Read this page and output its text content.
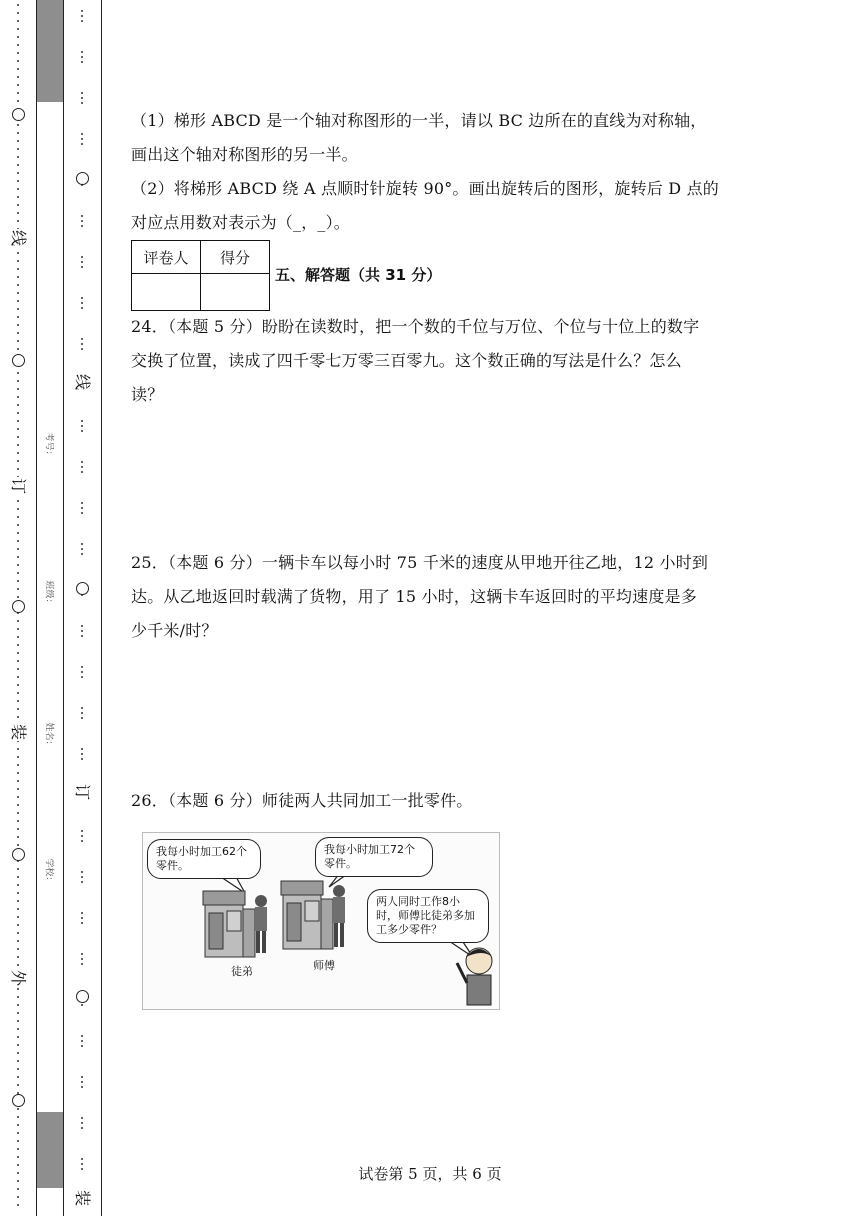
线
订
装
外
考号：
班级：
姓名：
学校：
线
订
装
（1）梯形 ABCD 是一个轴对称图形的一半，请以 BC 边所在的直线为对称轴，
画出这个轴对称图形的另一半。
（2）将梯形 ABCD 绕 A 点顺时针旋转 90°。画出旋转后的图形，旋转后 D 点的
对应点用数对表示为（_，_）。
评卷人	得分

五、解答题（共 31 分）
24．（本题 5 分）盼盼在读数时，把一个数的千位与万位、个位与十位上的数字
交换了位置，读成了四千零七万零三百零九。这个数正确的写法是什么？怎么
读？
25．（本题 6 分）一辆卡车以每小时 75 千米的速度从甲地开往乙地，12 小时到
达。从乙地返回时载满了货物，用了 15 小时，这辆卡车返回时的平均速度是多
少千米/时？
26．（本题 6 分）师徒两人共同加工一批零件。
我每小时加工62个零件。
我每小时加工72个零件。
两人同时工作8小时，师傅比徒弟多加工多少零件？
徒弟	师傅
试卷第 5 页，共 6 页
